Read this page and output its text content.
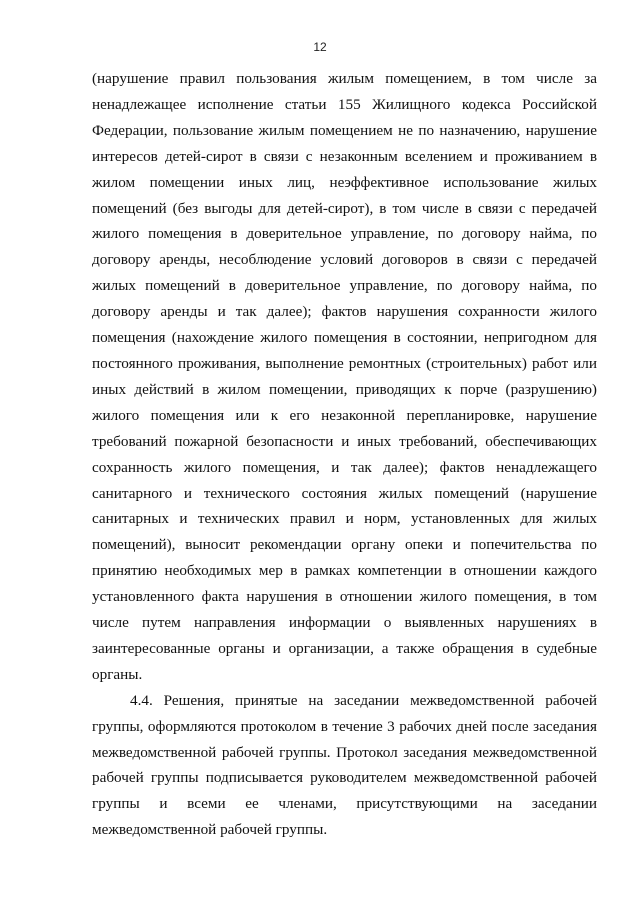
12

(нарушение правил пользования жилым помещением, в том числе за
ненадлежащее исполнение статьи 155 Жилищного кодекса Российской
Федерации, пользование жилым помещением не по назначению, нарушение
интересов детей-сирот в связи с незаконным вселением и проживанием в
жилом помещении иных лиц, неэффективное использование жилых
помещений (без выгоды для детей-сирот), в том числе в связи с передачей
жилого помещения в доверительное управление, по договору найма, по
договору аренды, несоблюдение условий договоров в связи с передачей
жилых помещений в доверительное управление, по договору найма, по
договору аренды и так далее); фактов нарушения сохранности жилого
помещения (нахождение жилого помещения в состоянии, непригодном для
постоянного проживания, выполнение ремонтных (строительных) работ или
иных действий в жилом помещении, приводящих к порче (разрушению)
жилого помещения или к его незаконной перепланировке, нарушение
требований пожарной безопасности и иных требований, обеспечивающих
сохранность жилого помещения, и так далее); фактов ненадлежащего
санитарного и технического состояния жилых помещений (нарушение
санитарных и технических правил и норм, установленных для жилых
помещений), выносит рекомендации органу опеки и попечительства по
принятию необходимых мер в рамках компетенции в отношении каждого
установленного факта нарушения в отношении жилого помещения, в том
числе путем направления информации о выявленных нарушениях в
заинтересованные органы и организации, а также обращения в судебные
органы.

4.4. Решения, принятые на заседании межведомственной рабочей
группы, оформляются протоколом в течение 3 рабочих дней после заседания
межведомственной рабочей группы. Протокол заседания межведомственной
рабочей группы подписывается руководителем межведомственной рабочей
группы и всеми ее членами, присутствующими на заседании
межведомственной рабочей группы.
